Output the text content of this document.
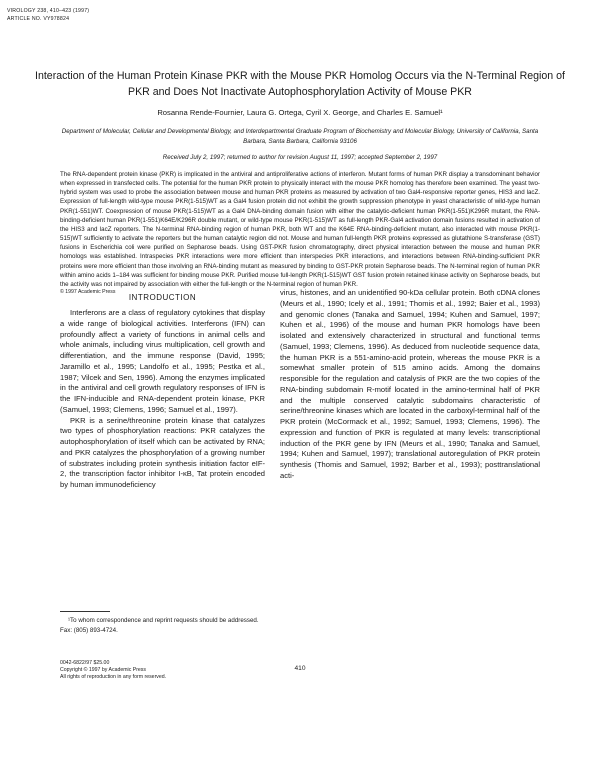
VIROLOGY 238, 410–423 (1997)
ARTICLE NO. VY978824
Interaction of the Human Protein Kinase PKR with the Mouse PKR Homolog Occurs via the N-Terminal Region of PKR and Does Not Inactivate Autophosphorylation Activity of Mouse PKR
Rosanna Rende-Fournier, Laura G. Ortega, Cyril X. George, and Charles E. Samuel¹
Department of Molecular, Cellular and Developmental Biology, and Interdepartmental Graduate Program of Biochemistry and Molecular Biology, University of California, Santa Barbara, Santa Barbara, California 93106
Received July 2, 1997; returned to author for revision August 11, 1997; accepted September 2, 1997
The RNA-dependent protein kinase (PKR) is implicated in the antiviral and antiproliferative actions of interferon. Mutant forms of human PKR display a transdominant behavior when expressed in transfected cells. The potential for the human PKR protein to physically interact with the mouse PKR homolog has therefore been examined. The yeast two-hybrid system was used to probe the association between mouse and human PKR proteins as measured by activation of two Gal4-responsive reporter genes, HIS3 and lacZ. Expression of full-length wild-type mouse PKR(1-515)WT as a Gal4 fusion protein did not exhibit the growth suppression phenotype in yeast characteristic of wild-type human PKR(1-551)WT. Coexpression of mouse PKR(1-515)WT as a Gal4 DNA-binding domain fusion with either the catalytic-deficient human PKR(1-551)K296R mutant, the RNA-binding-deficient human PKR(1-551)K64E/K296R double mutant, or wild-type mouse PKR(1-515)WT as full-length PKR-Gal4 activation domain fusions resulted in activation of the HIS3 and lacZ reporters. The N-terminal RNA-binding region of human PKR, both WT and the K64E RNA-binding-deficient mutant, also interacted with mouse PKR(1-515)WT sufficiently to activate the reporters but the human catalytic region did not. Mouse and human full-length PKR proteins expressed as glutathione S-transferase (GST) fusions in Escherichia coli were purified on Sepharose beads. Using GST-PKR fusion chromatography, direct physical interaction between the mouse and human PKR homologs was established. Intraspecies PKR interactions were more efficient than interspecies PKR interactions, and interactions between RNA-binding-sufficient PKR proteins were more efficient than those involving an RNA-binding mutant as measured by binding to GST-PKR protein Sepharose beads. The N-terminal region of human PKR within amino acids 1–184 was sufficient for binding mouse PKR. Purified mouse full-length PKR(1-515)WT GST fusion protein retained kinase activity on Sepharose beads, but the activity was not impaired by association with either the full-length or the N-terminal region of human PKR.
© 1997 Academic Press
INTRODUCTION

Interferons are a class of regulatory cytokines that display a wide range of biological activities. Interferons (IFN) can profoundly affect a variety of functions in animal cells and whole animals, including virus multiplication, cell growth and differentiation, and the immune response (David, 1995; Jaramillo et al., 1995; Landolfo et al., 1995; Pestka et al., 1987; Vilcek and Sen, 1996). Among the enzymes implicated in the antiviral and cell growth regulatory responses of IFN is the IFN-inducible and RNA-dependent protein kinase, PKR (Samuel, 1993; Clemens, 1996; Samuel et al., 1997).

PKR is a serine/threonine protein kinase that catalyzes two types of phosphorylation reactions: PKR catalyzes the autophosphorylation of itself which can be activated by RNA; and PKR catalyzes the phosphorylation of a growing number of substrates including protein synthesis initiation factor eIF-2, the transcription factor inhibitor I-κB, Tat protein encoded by human immunodeficiency

virus, histones, and an unidentified 90-kDa cellular protein. Both cDNA clones (Meurs et al., 1990; Icely et al., 1991; Thomis et al., 1992; Baier et al., 1993) and genomic clones (Tanaka and Samuel, 1994; Kuhen and Samuel, 1997; Kuhen et al., 1996) of the mouse and human PKR homologs have been isolated and extensively characterized in structural and functional terms (Samuel, 1993; Clemens, 1996). As deduced from nucleotide sequence data, the human PKR is a 551-amino-acid protein, whereas the mouse PKR is a somewhat smaller protein of 515 amino acids. Among the domains responsible for the regulation and catalysis of PKR are the two copies of the RNA-binding subdomain R-motif located in the amino-terminal half of PKR and the multiple conserved catalytic subdomains characteristic of serine/threonine kinases which are located in the carboxyl-terminal half of the PKR protein (McCormack et al., 1992; Samuel, 1993; Clemens, 1996). The expression and function of PKR is regulated at many levels: transcriptional induction of the PKR gene by IFN (Meurs et al., 1990; Tanaka and Samuel, 1994; Kuhen and Samuel, 1997); translational autoregulation of PKR protein synthesis (Thomis and Samuel, 1992; Barber et al., 1993); posttranslational acti-

¹To whom correspondence and reprint requests should be addressed. Fax: (805) 893-4724.
0042-6822/97 $25.00
Copyright © 1997 by Academic Press
All rights of reproduction in any form reserved.
410
